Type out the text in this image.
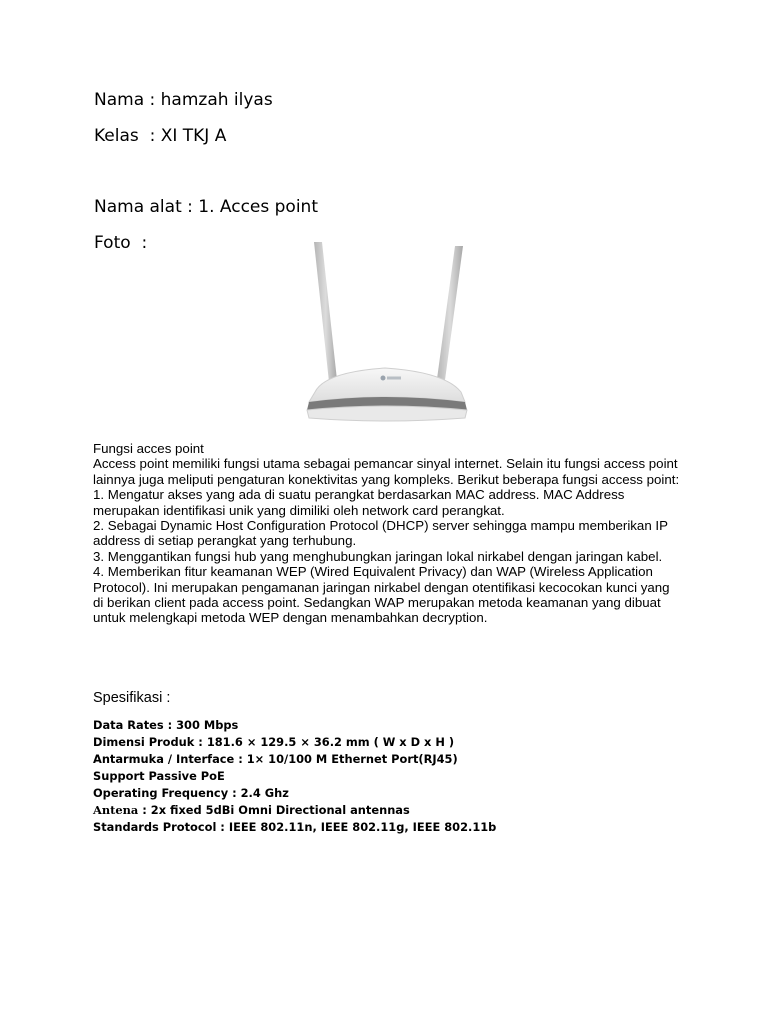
Nama : hamzah ilyas
Kelas  : XI TKJ A
Nama alat : 1. Acces point
Foto  :

Fungsi acces point

Access point memiliki fungsi utama sebagai pemancar sinyal internet. Selain itu fungsi access point lainnya juga meliputi pengaturan konektivitas yang kompleks. Berikut beberapa fungsi access point:

1. Mengatur akses yang ada di suatu perangkat berdasarkan MAC address. MAC Address merupakan identifikasi unik yang dimiliki oleh network card perangkat.

2. Sebagai Dynamic Host Configuration Protocol (DHCP) server sehingga mampu memberikan IP address di setiap perangkat yang terhubung.

3. Menggantikan fungsi hub yang menghubungkan jaringan lokal nirkabel dengan jaringan kabel.

4. Memberikan fitur keamanan WEP (Wired Equivalent Privacy) dan WAP (Wireless Application Protocol). Ini merupakan pengamanan jaringan nirkabel dengan otentifikasi kecocokan kunci yang di berikan client pada access point. Sedangkan WAP merupakan metoda keamanan yang dibuat untuk melengkapi metoda WEP dengan menambahkan decryption.

Spesifikasi :
Data Rates : 300 Mbps
Dimensi Produk : 181.6 × 129.5 × 36.2 mm ( W x D x H )
Antarmuka / Interface : 1× 10/100 M Ethernet Port(RJ45)
Support Passive PoE
Operating Frequency : 2.4 Ghz
Antena : 2x fixed 5dBi Omni Directional antennas
Standards Protocol : IEEE 802.11n, IEEE 802.11g, IEEE 802.11b
